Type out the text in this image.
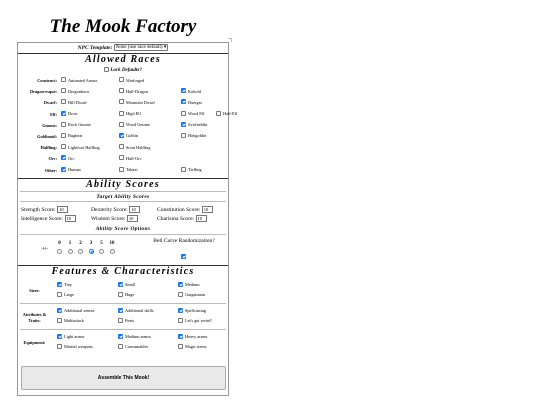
The Mook Factory
NPC Template: None (use race default) ▾
Allowed Races
Lock Defaults?
Construct:	Animated Armor	Warforged
Dragon-esque:	Dragonborn	Half-Dragon	Kobold
Dwarf:	Hill Dwarf	Mountain Dwarf	Duergar
Elf:	Drow	High Elf	Wood Elf	Half-Elf
Gnome:	Rock Gnome	Wood Gnome	Svirfneblin
Goblinoid:	Bugbear	Goblin	Hobgoblin
Halfling:	Lightfoot Halfling	Stout Halfling
Orc:	Orc	Half-Orc
Other:	Human	Tabaxi	Tiefling
Ability Scores
Target Ability Scores
Strength Score: 10	Dexterity Score: 10	Constitution Score: 10
Intelligence Score: 10	Wisdom Score: 10	Charisma Score: 10
Ability Score Options
+/-
0	1	2	3	5	10	Bell Curve Randomization?
Features & Characteristics
Sizes:
Tiny	Small	Medium
Large	Huge	Gargantuan
Attributes & Traits:
Additional senses	Additional skills	Spellcasting
Multiattack	Feats	Let's get weird!
Equipment:
Light armor	Medium armor	Heavy armor
Martial weapons	Consumables	Magic items
Assemble This Mook!
